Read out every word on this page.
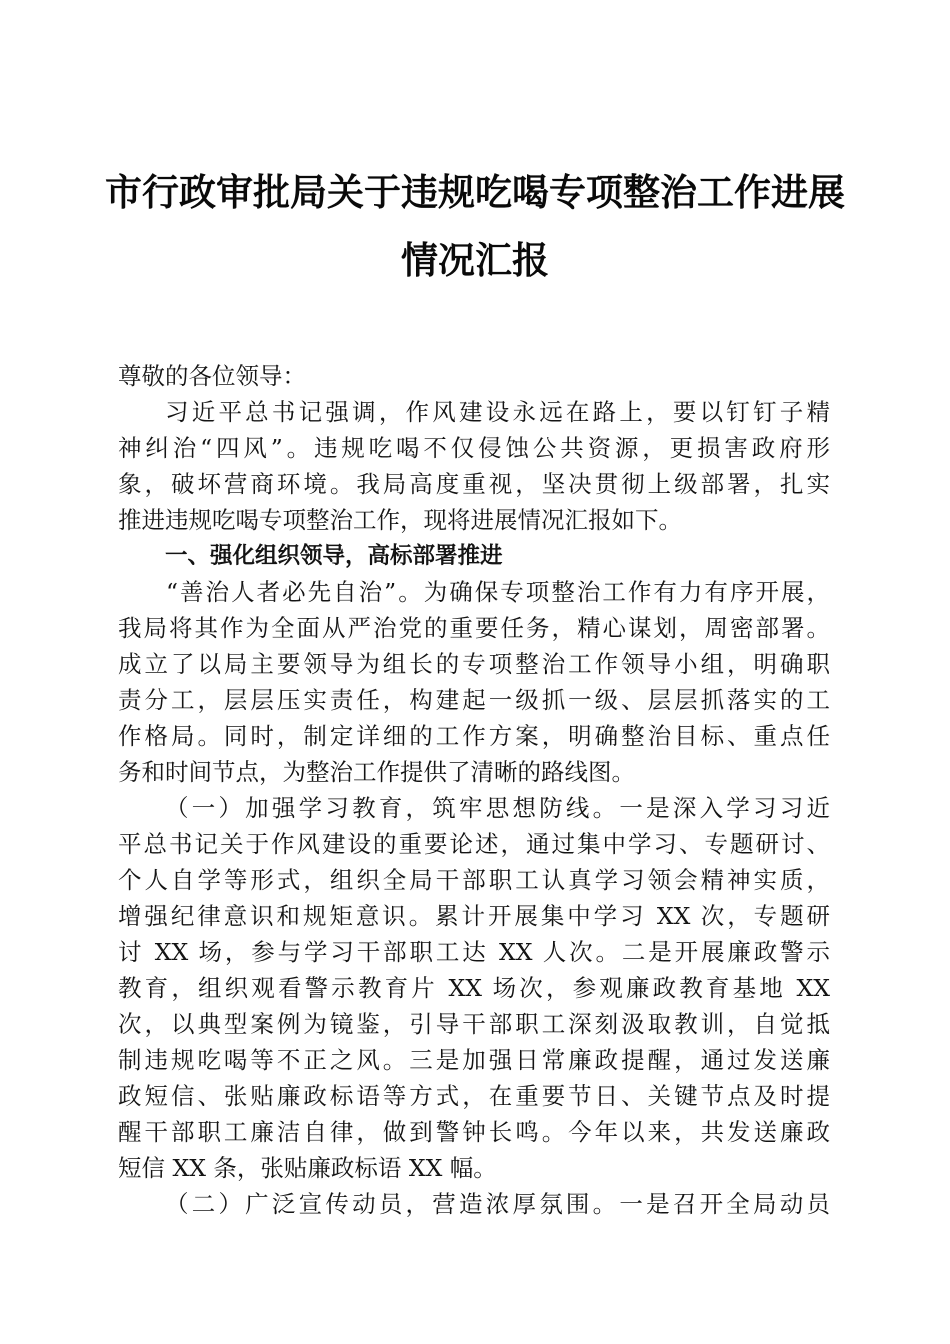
市行政审批局关于违规吃喝专项整治工作进展
情况汇报
尊敬的各位领导：
习近平总书记强调，作风建设永远在路上，要以钉钉子精
神纠治“四风”。违规吃喝不仅侵蚀公共资源，更损害政府形
象，破坏营商环境。我局高度重视，坚决贯彻上级部署，扎实
推进违规吃喝专项整治工作，现将进展情况汇报如下。
一、强化组织领导，高标部署推进
“善治人者必先自治”。为确保专项整治工作有力有序开展，
我局将其作为全面从严治党的重要任务，精心谋划，周密部署。
成立了以局主要领导为组长的专项整治工作领导小组，明确职
责分工，层层压实责任，构建起一级抓一级、层层抓落实的工
作格局。同时，制定详细的工作方案，明确整治目标、重点任
务和时间节点，为整治工作提供了清晰的路线图。
（一）加强学习教育，筑牢思想防线。一是深入学习习近
平总书记关于作风建设的重要论述，通过集中学习、专题研讨、
个人自学等形式，组织全局干部职工认真学习领会精神实质，
增强纪律意识和规矩意识。累计开展集中学习 XX 次，专题研
讨 XX 场，参与学习干部职工达 XX 人次。二是开展廉政警示
教育，组织观看警示教育片 XX 场次，参观廉政教育基地 XX
次，以典型案例为镜鉴，引导干部职工深刻汲取教训，自觉抵
制违规吃喝等不正之风。三是加强日常廉政提醒，通过发送廉
政短信、张贴廉政标语等方式，在重要节日、关键节点及时提
醒干部职工廉洁自律，做到警钟长鸣。今年以来，共发送廉政
短信 XX 条，张贴廉政标语 XX 幅。
（二）广泛宣传动员，营造浓厚氛围。一是召开全局动员
